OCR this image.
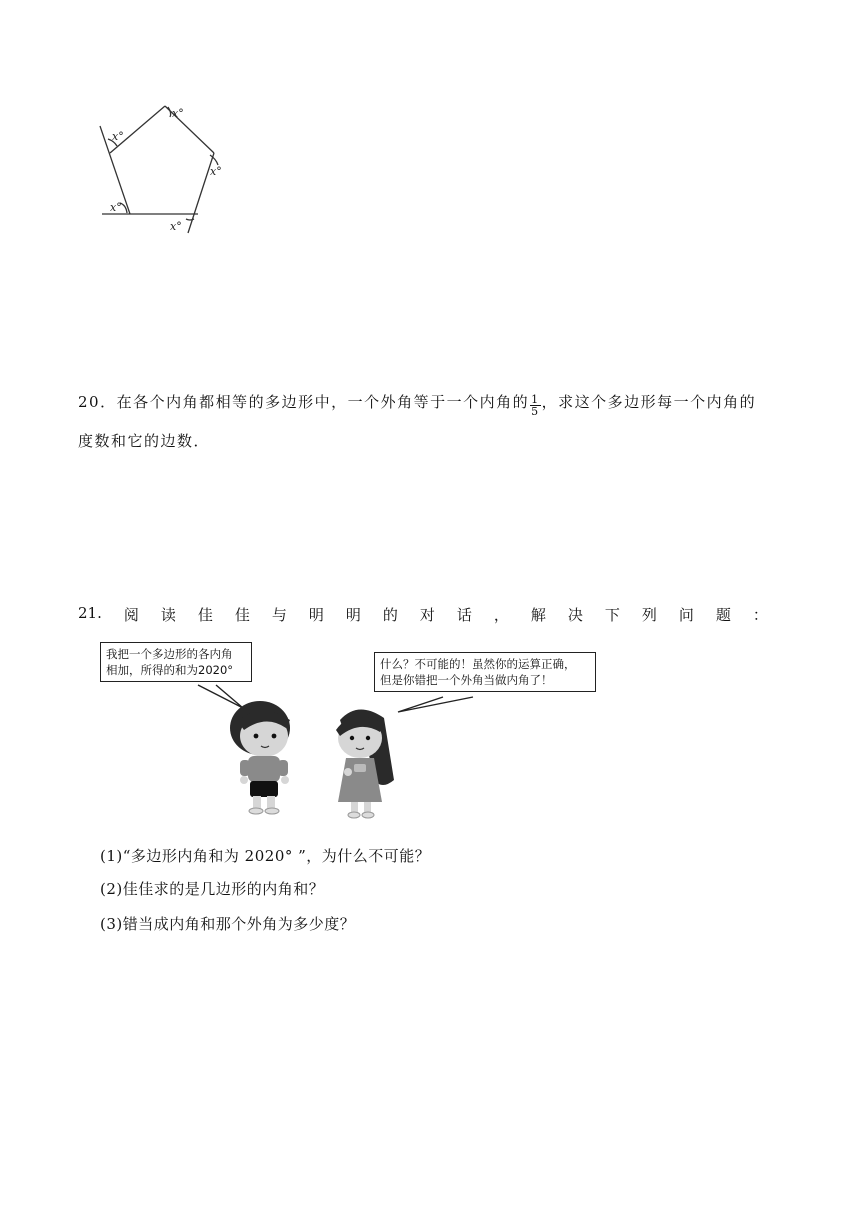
x°
x°
x°
x°
x°
20．在各个内角都相等的多边形中，一个外角等于一个内角的 $\frac{1}{5}$ ，求这个多边形每一个内角的
度数和它的边数．
21. 阅 读 佳 佳 与 明 明 的 对 话 ， 解 决 下 列 问 题 ：
我把一个多边形的各内角
相加，所得的和为2020°	什么？不可能的！虽然你的运算正确，
但是你错把一个外角当做内角了！
(1)“多边形内角和为 2020° ”，为什么不可能？
(2)佳佳求的是几边形的内角和？
(3)错当成内角和那个外角为多少度？
